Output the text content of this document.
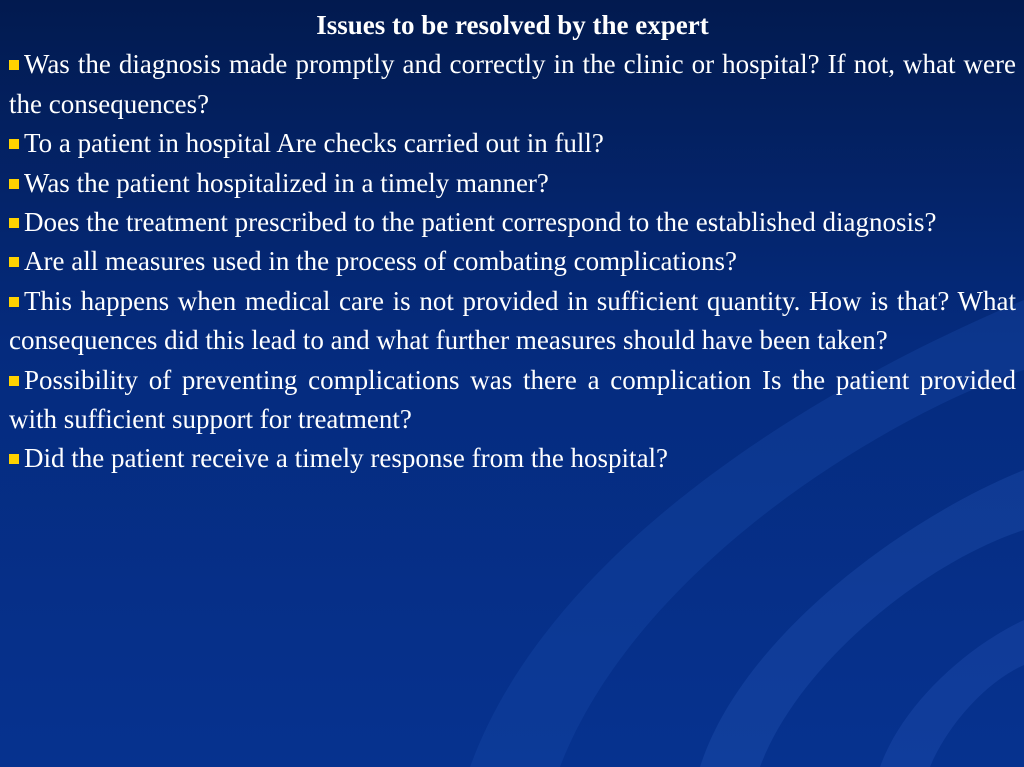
Issues to be resolved by the expert

Was the diagnosis made promptly and correctly in the clinic or hospital? If not, what were the consequences?

To a patient in hospital Are checks carried out in full?

Was the patient hospitalized in a timely manner?

Does the treatment prescribed to the patient correspond to the established diagnosis?

Are all measures used in the process of combating complications?

This happens when medical care is not provided in sufficient quantity. How is that? What consequences did this lead to and what further measures should have been taken?

Possibility of preventing complications was there a complication Is the patient provided with sufficient support for treatment?

Did the patient receive a timely response from the hospital?
